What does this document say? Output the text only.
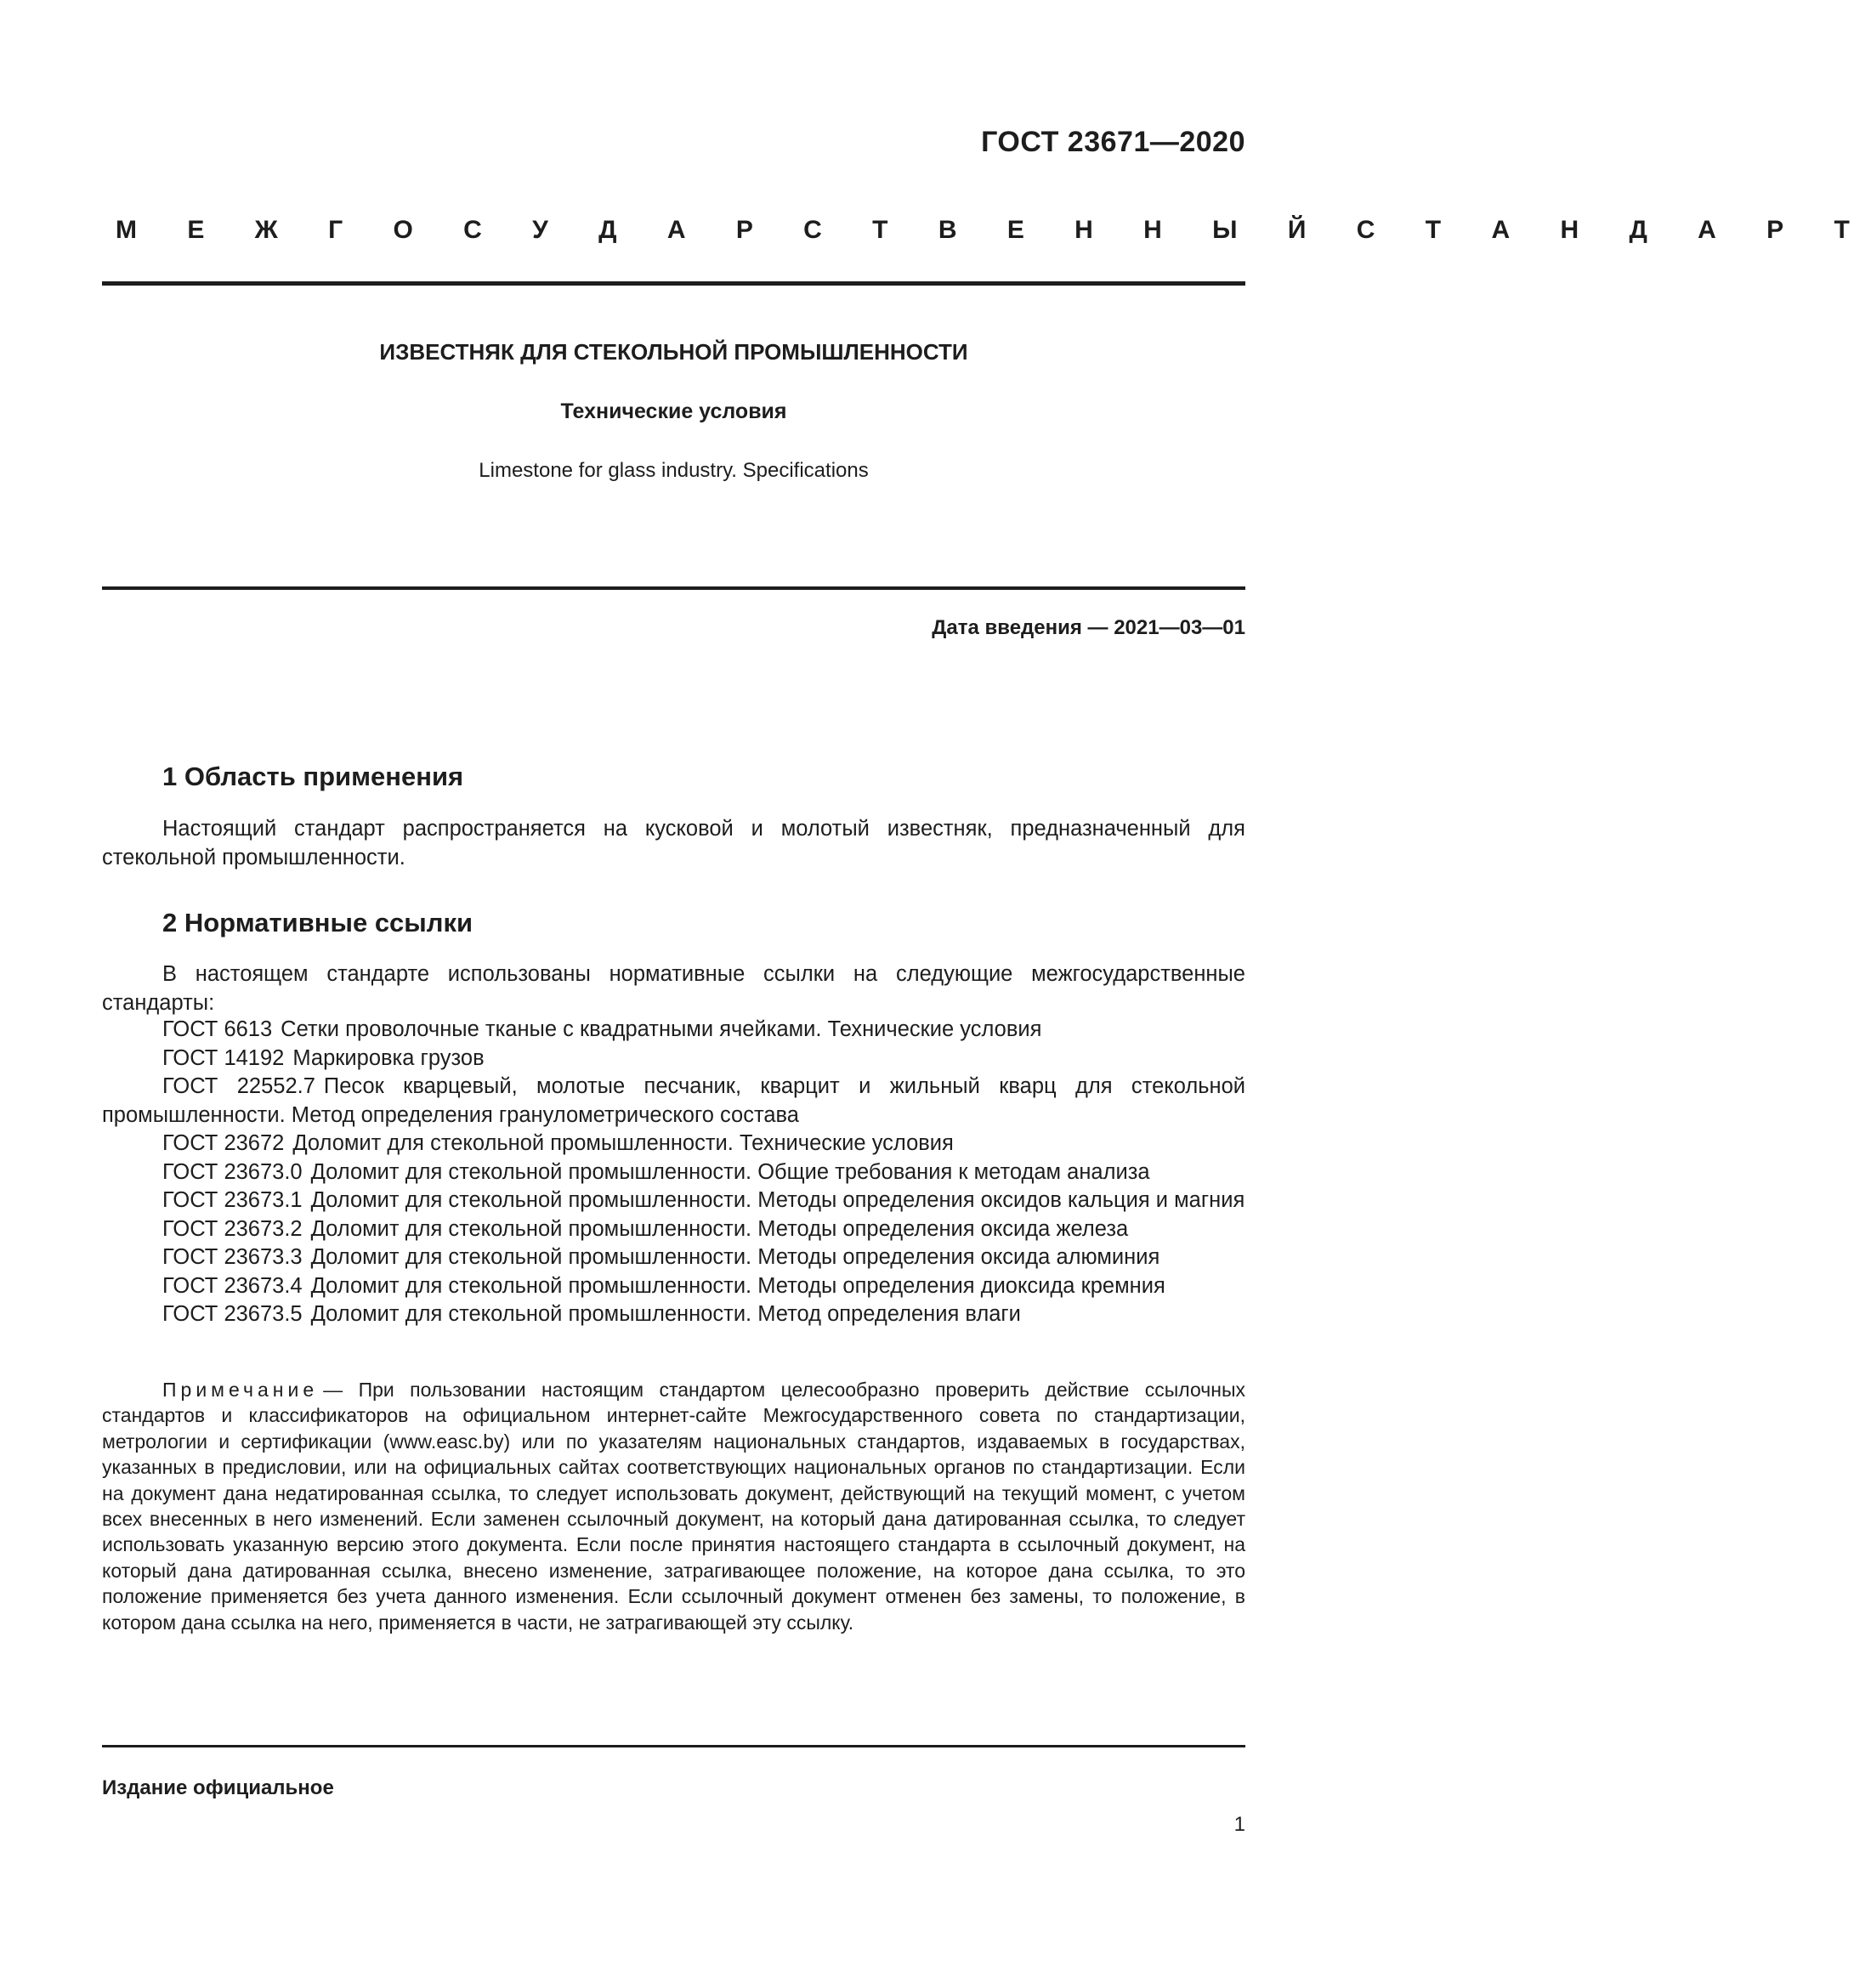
ГОСТ 23671—2020
М Е Ж Г О С У Д А Р С Т В Е Н Н Ы Й С Т А Н Д А Р Т
ИЗВЕСТНЯК ДЛЯ СТЕКОЛЬНОЙ ПРОМЫШЛЕННОСТИ
Технические условия
Limestone for glass industry. Specifications
Дата введения — 2021—03—01
1 Область применения

Настоящий стандарт распространяется на кусковой и молотый известняк, предназначенный для стекольной промышленности.

2 Нормативные ссылки

В настоящем стандарте использованы нормативные ссылки на следующие межгосударственные стандарты:

ГОСТ 6613 Сетки проволочные тканые с квадратными ячейками. Технические условия
ГОСТ 14192 Маркировка грузов
ГОСТ 22552.7 Песок кварцевый, молотые песчаник, кварцит и жильный кварц для стекольной промышленности. Метод определения гранулометрического состава
ГОСТ 23672 Доломит для стекольной промышленности. Технические условия
ГОСТ 23673.0 Доломит для стекольной промышленности. Общие требования к методам анализа
ГОСТ 23673.1 Доломит для стекольной промышленности. Методы определения оксидов кальция и магния
ГОСТ 23673.2 Доломит для стекольной промышленности. Методы определения оксида железа
ГОСТ 23673.3 Доломит для стекольной промышленности. Методы определения оксида алюминия
ГОСТ 23673.4 Доломит для стекольной промышленности. Методы определения диоксида кремния
ГОСТ 23673.5 Доломит для стекольной промышленности. Метод определения влаги

Примечание — При пользовании настоящим стандартом целесообразно проверить действие ссылочных стандартов и классификаторов на официальном интернет-сайте Межгосударственного совета по стандартизации, метрологии и сертификации (www.easc.by) или по указателям национальных стандартов, издаваемых в государствах, указанных в предисловии, или на официальных сайтах соответствующих национальных органов по стандартизации. Если на документ дана недатированная ссылка, то следует использовать документ, действующий на текущий момент, с учетом всех внесенных в него изменений. Если заменен ссылочный документ, на который дана датированная ссылка, то следует использовать указанную версию этого документа. Если после принятия настоящего стандарта в ссылочный документ, на который дана датированная ссылка, внесено изменение, затрагивающее положение, на которое дана ссылка, то это положение применяется без учета данного изменения. Если ссылочный документ отменен без замены, то положение, в котором дана ссылка на него, применяется в части, не затрагивающей эту ссылку.

Издание официальное
1
